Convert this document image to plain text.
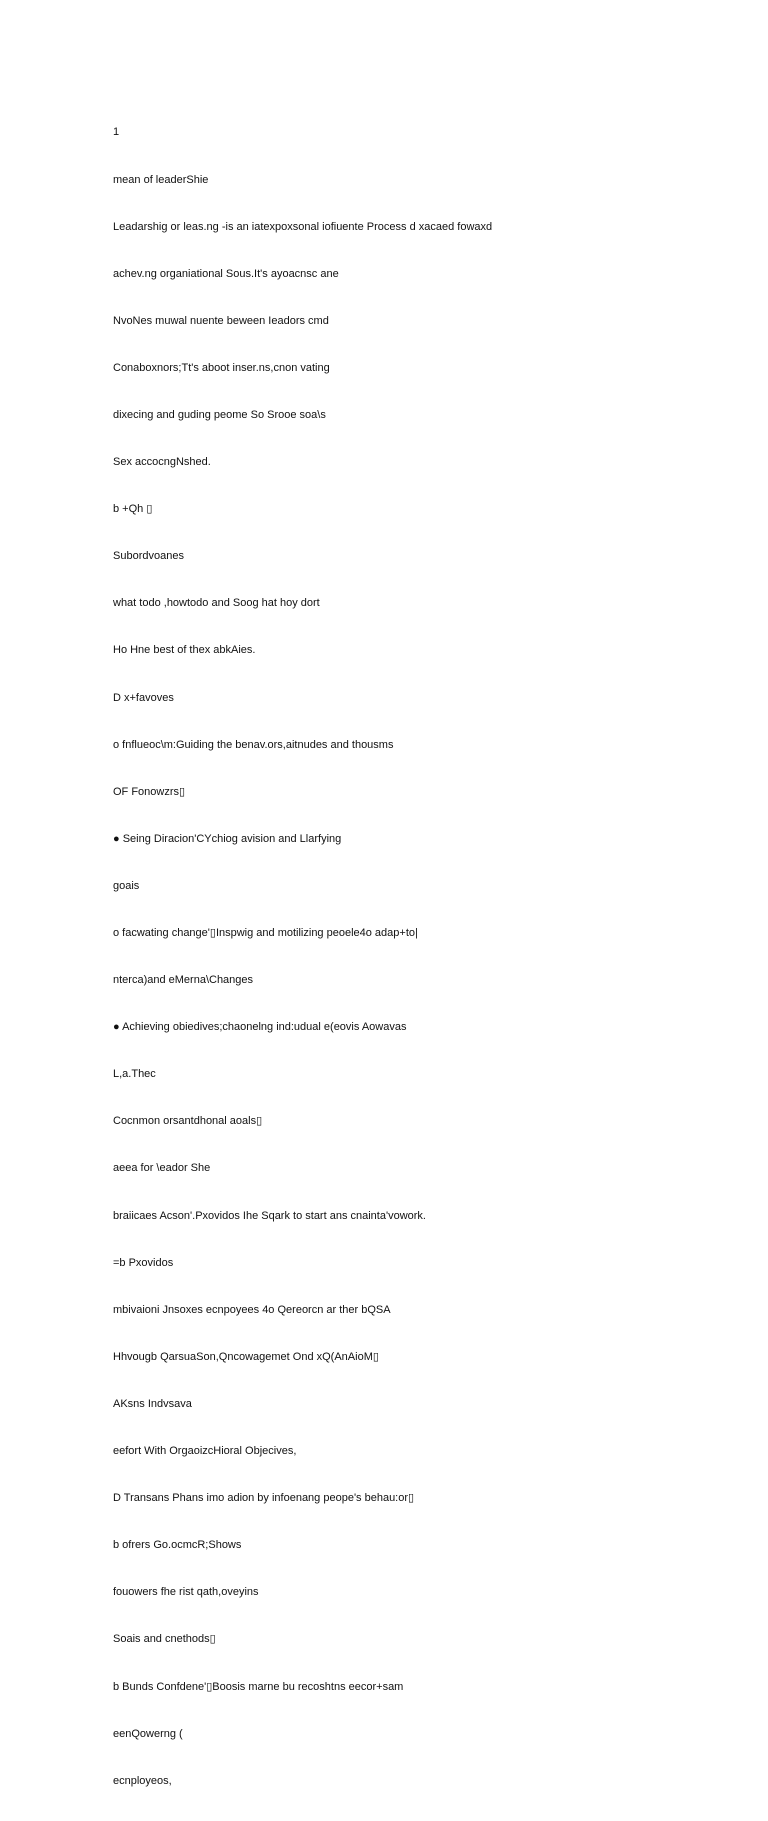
1

mean of leaderShie

Leadarshig or leas.ng -is an iatexpoxsonal iofiuente Process d xacaed fowaxd

achev.ng organiational Sous.It's ayoacnsc ane

NvoNes muwal nuente beween Ieadors cmd

Conaboxnors;Tt's aboot inser.ns,cnon vating

dixecing and guding peome So Srooe soa\s

Sex accocngNshed.

b +Qh ▯

Subordvoanes

what todo ,howtodo and Soog hat hoy dort

Ho Hne best of thex abkAies.

D x+favoves

o fnflueoc\m:Guiding the benav.ors,aitnudes and thousms

OF Fonowzrs▯

● Seing Diracion'CYchiog avision and Llarfying

goais

o facwating change'▯Inspwig and motilizing peoele4o adap+to|

nterca)and eMerna\Changes

● Achieving obiedives;chaonelng ind:udual e(eovis Aowavas

L,a.Thec

Cocnmon orsantdhonal aoals▯

aeea for \eador She

braiicaes Acson'.Pxovidos Ihe Sqark to start ans cnainta'vowork.

=b Pxovidos

mbivaioni Jnsoxes ecnpoyees 4o Qereorcn ar ther bQSA

Hhvougb QarsuaSon,Qncowagemet Ond xQ(AnAioM▯

AKsns Indvsava

eefort With OrgaoizcHioral Objecives,

D Transans Phans imo adion by infoenang peope's behau:or▯

b ofrers Go.ocmcR;Shows

fouowers fhe rist qath,oveyins

Soais and cnethods▯

b Bunds Confdene'▯Boosis marne bu recoshtns eecor+sam

eenQowerng (

ecnployeos,
